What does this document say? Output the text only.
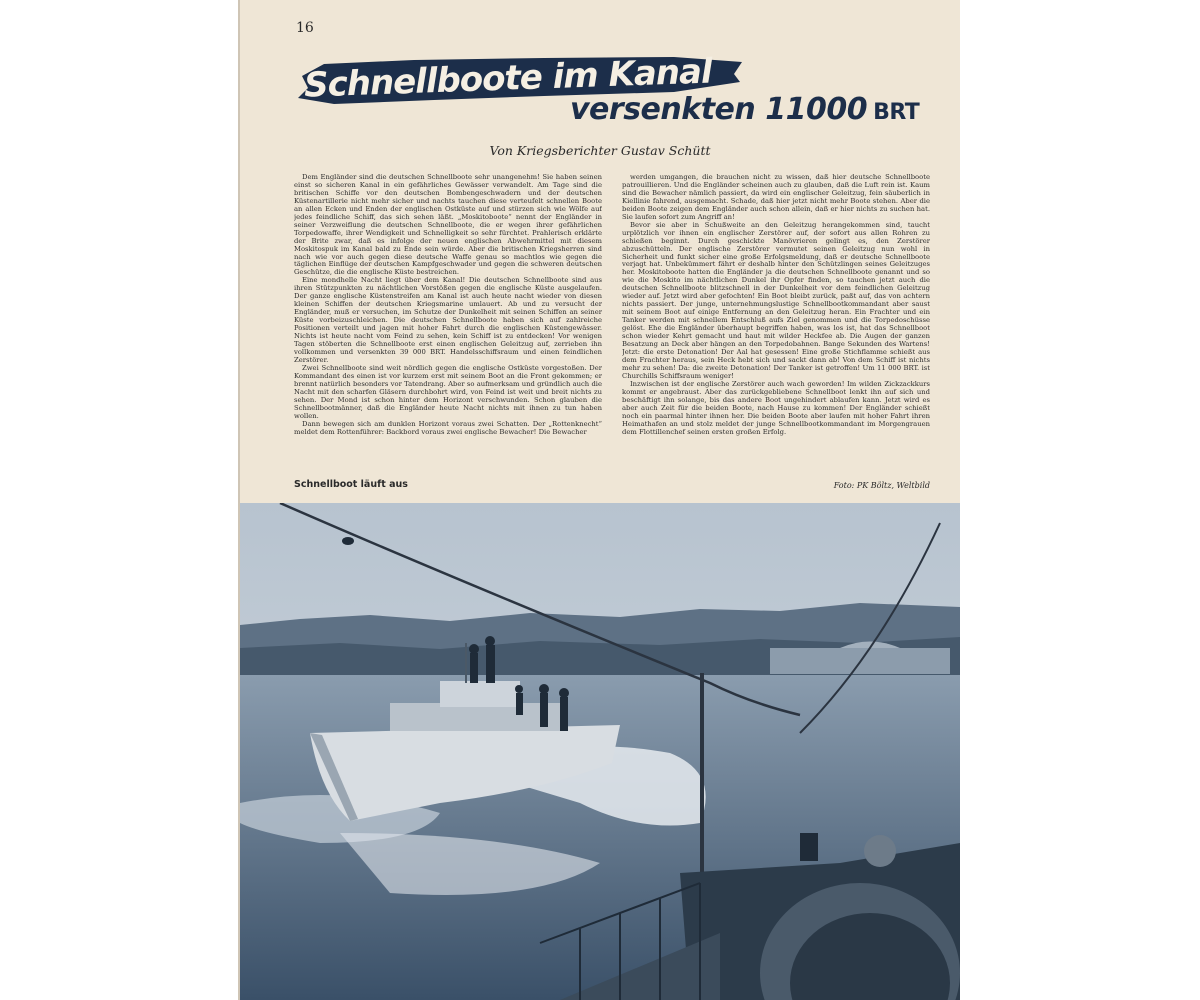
16
Schnellboote im Kanal
versenkten 11000 BRT
Von Kriegsberichter Gustav Schütt

Dem Engländer sind die deutschen Schnellboote sehr unangenehm! Sie haben seinen einst so sicheren Kanal in ein gefährliches Gewässer verwandelt. Am Tage sind die britischen Schiffe vor den deutschen Bombengeschwadern und der deutschen Küstenartillerie nicht mehr sicher und nachts tauchen diese verteufelt schnellen Boote an allen Ecken und Enden der englischen Ostküste auf und stürzen sich wie Wölfe auf jedes feindliche Schiff, das sich sehen läßt. „Moskitoboote“ nennt der Engländer in seiner Verzweiflung die deutschen Schnellboote, die er wegen ihrer gefährlichen Torpedowaffe, ihrer Wendigkeit und Schnelligkeit so sehr fürchtet. Prahlerisch erklärte der Brite zwar, daß es infolge der neuen englischen Abwehrmittel mit diesem Moskitospuk im Kanal bald zu Ende sein würde. Aber die britischen Kriegsherren sind nach wie vor auch gegen diese deutsche Waffe genau so machtlos wie gegen die täglichen Einflüge der deutschen Kampfgeschwader und gegen die schweren deutschen Geschütze, die die englische Küste bestreichen.

Eine mondhelle Nacht liegt über dem Kanal! Die deutschen Schnellboote sind aus ihren Stützpunkten zu nächtlichen Vorstößen gegen die englische Küste ausgelaufen. Der ganze englische Küstenstreifen am Kanal ist auch heute nacht wieder von diesen kleinen Schiffen der deutschen Kriegsmarine umlauert. Ab und zu versucht der Engländer, muß er versuchen, im Schutze der Dunkelheit mit seinen Schiffen an seiner Küste vorbeizuschleichen. Die deutschen Schnellboote haben sich auf zahlreiche Positionen verteilt und jagen mit hoher Fahrt durch die englischen Küstengewässer. Nichts ist heute nacht vom Feind zu sehen, kein Schiff ist zu entdecken! Vor wenigen Tagen stöberten die Schnellboote erst einen englischen Geleitzug auf, zerrieben ihn vollkommen und versenkten 39 000 BRT. Handelsschiffsraum und einen feindlichen Zerstörer.

Zwei Schnellboote sind weit nördlich gegen die englische Ostküste vorgestoßen. Der Kommandant des einen ist vor kurzem erst mit seinem Boot an die Front gekommen; er brennt natürlich besonders vor Tatendrang. Aber so aufmerksam und gründlich auch die Nacht mit den scharfen Gläsern durchbohrt wird, von Feind ist weit und breit nichts zu sehen. Der Mond ist schon hinter dem Horizont verschwunden. Schon glauben die Schnellbootmänner, daß die Engländer heute Nacht nichts mit ihnen zu tun haben wollen.

Dann bewegen sich am dunklen Horizont voraus zwei Schatten. Der „Rottenknecht“ meldet dem Rottenführer: Backbord voraus zwei englische Bewacher! Die Bewacher

werden umgangen, die brauchen nicht zu wissen, daß hier deutsche Schnellboote patrouillieren. Und die Engländer scheinen auch zu glauben, daß die Luft rein ist. Kaum sind die Bewacher nämlich passiert, da wird ein englischer Geleitzug, fein säuberlich in Kiellinie fahrend, ausgemacht. Schade, daß hier jetzt nicht mehr Boote stehen. Aber die beiden Boote zeigen dem Engländer auch schon allein, daß er hier nichts zu suchen hat. Sie laufen sofort zum Angriff an!

Bevor sie aber in Schußweite an den Geleitzug herangekommen sind, taucht urplötzlich vor ihnen ein englischer Zerstörer auf, der sofort aus allen Rohren zu schießen beginnt. Durch geschickte Manövrieren gelingt es, den Zerstörer abzuschütteln. Der englische Zerstörer vermutet seinen Geleitzug nun wohl in Sicherheit und funkt sicher eine große Erfolgsmeldung, daß er deutsche Schnellboote verjagt hat. Unbekümmert fährt er deshalb hinter den Schützlingen seines Geleitzuges her. Moskitoboote hatten die Engländer ja die deutschen Schnellboote genannt und so wie die Moskito im nächtlichen Dunkel ihr Opfer finden, so tauchen jetzt auch die deutschen Schnellboote blitzschnell in der Dunkelheit vor dem feindlichen Geleitzug wieder auf. Jetzt wird aber gefochten! Ein Boot bleibt zurück, paßt auf, das von achtern nichts passiert. Der junge, unternehmungslustige Schnellbootkommandant aber saust mit seinem Boot auf einige Entfernung an den Geleitzug heran. Ein Frachter und ein Tanker werden mit schnellem Entschluß aufs Ziel genommen und die Torpedoschüsse gelöst. Ehe die Engländer überhaupt begriffen haben, was los ist, hat das Schnellboot schon wieder Kehrt gemacht und haut mit wilder Heckfee ab. Die Augen der ganzen Besatzung an Deck aber hängen an den Torpedobahnen. Bange Sekunden des Wartens! Jetzt: die erste Detonation! Der Aal hat gesessen! Eine große Stichflamme schießt aus dem Frachter heraus, sein Heck hebt sich und sackt dann ab! Von dem Schiff ist nichts mehr zu sehen! Da: die zweite Detonation! Der Tanker ist getroffen! Um 11 000 BRT. ist Churchills Schiffsraum weniger!

Inzwischen ist der englische Zerstörer auch wach geworden! Im wilden Zickzackkurs kommt er angebraust. Aber das zurückgebliebene Schnellboot lenkt ihn auf sich und beschäftigt ihn solange, bis das andere Boot ungehindert ablaufen kann. Jetzt wird es aber auch Zeit für die beiden Boote, nach Hause zu kommen! Der Engländer schießt noch ein paarmal hinter ihnen her. Die beiden Boote aber laufen mit hoher Fahrt ihren Heimathafen an und stolz meldet der junge Schnellbootkommandant im Morgengrauen dem Flottillenchef seinen ersten großen Erfolg.

Schnellboot läuft aus	Foto: PK Böltz, Weltbild
